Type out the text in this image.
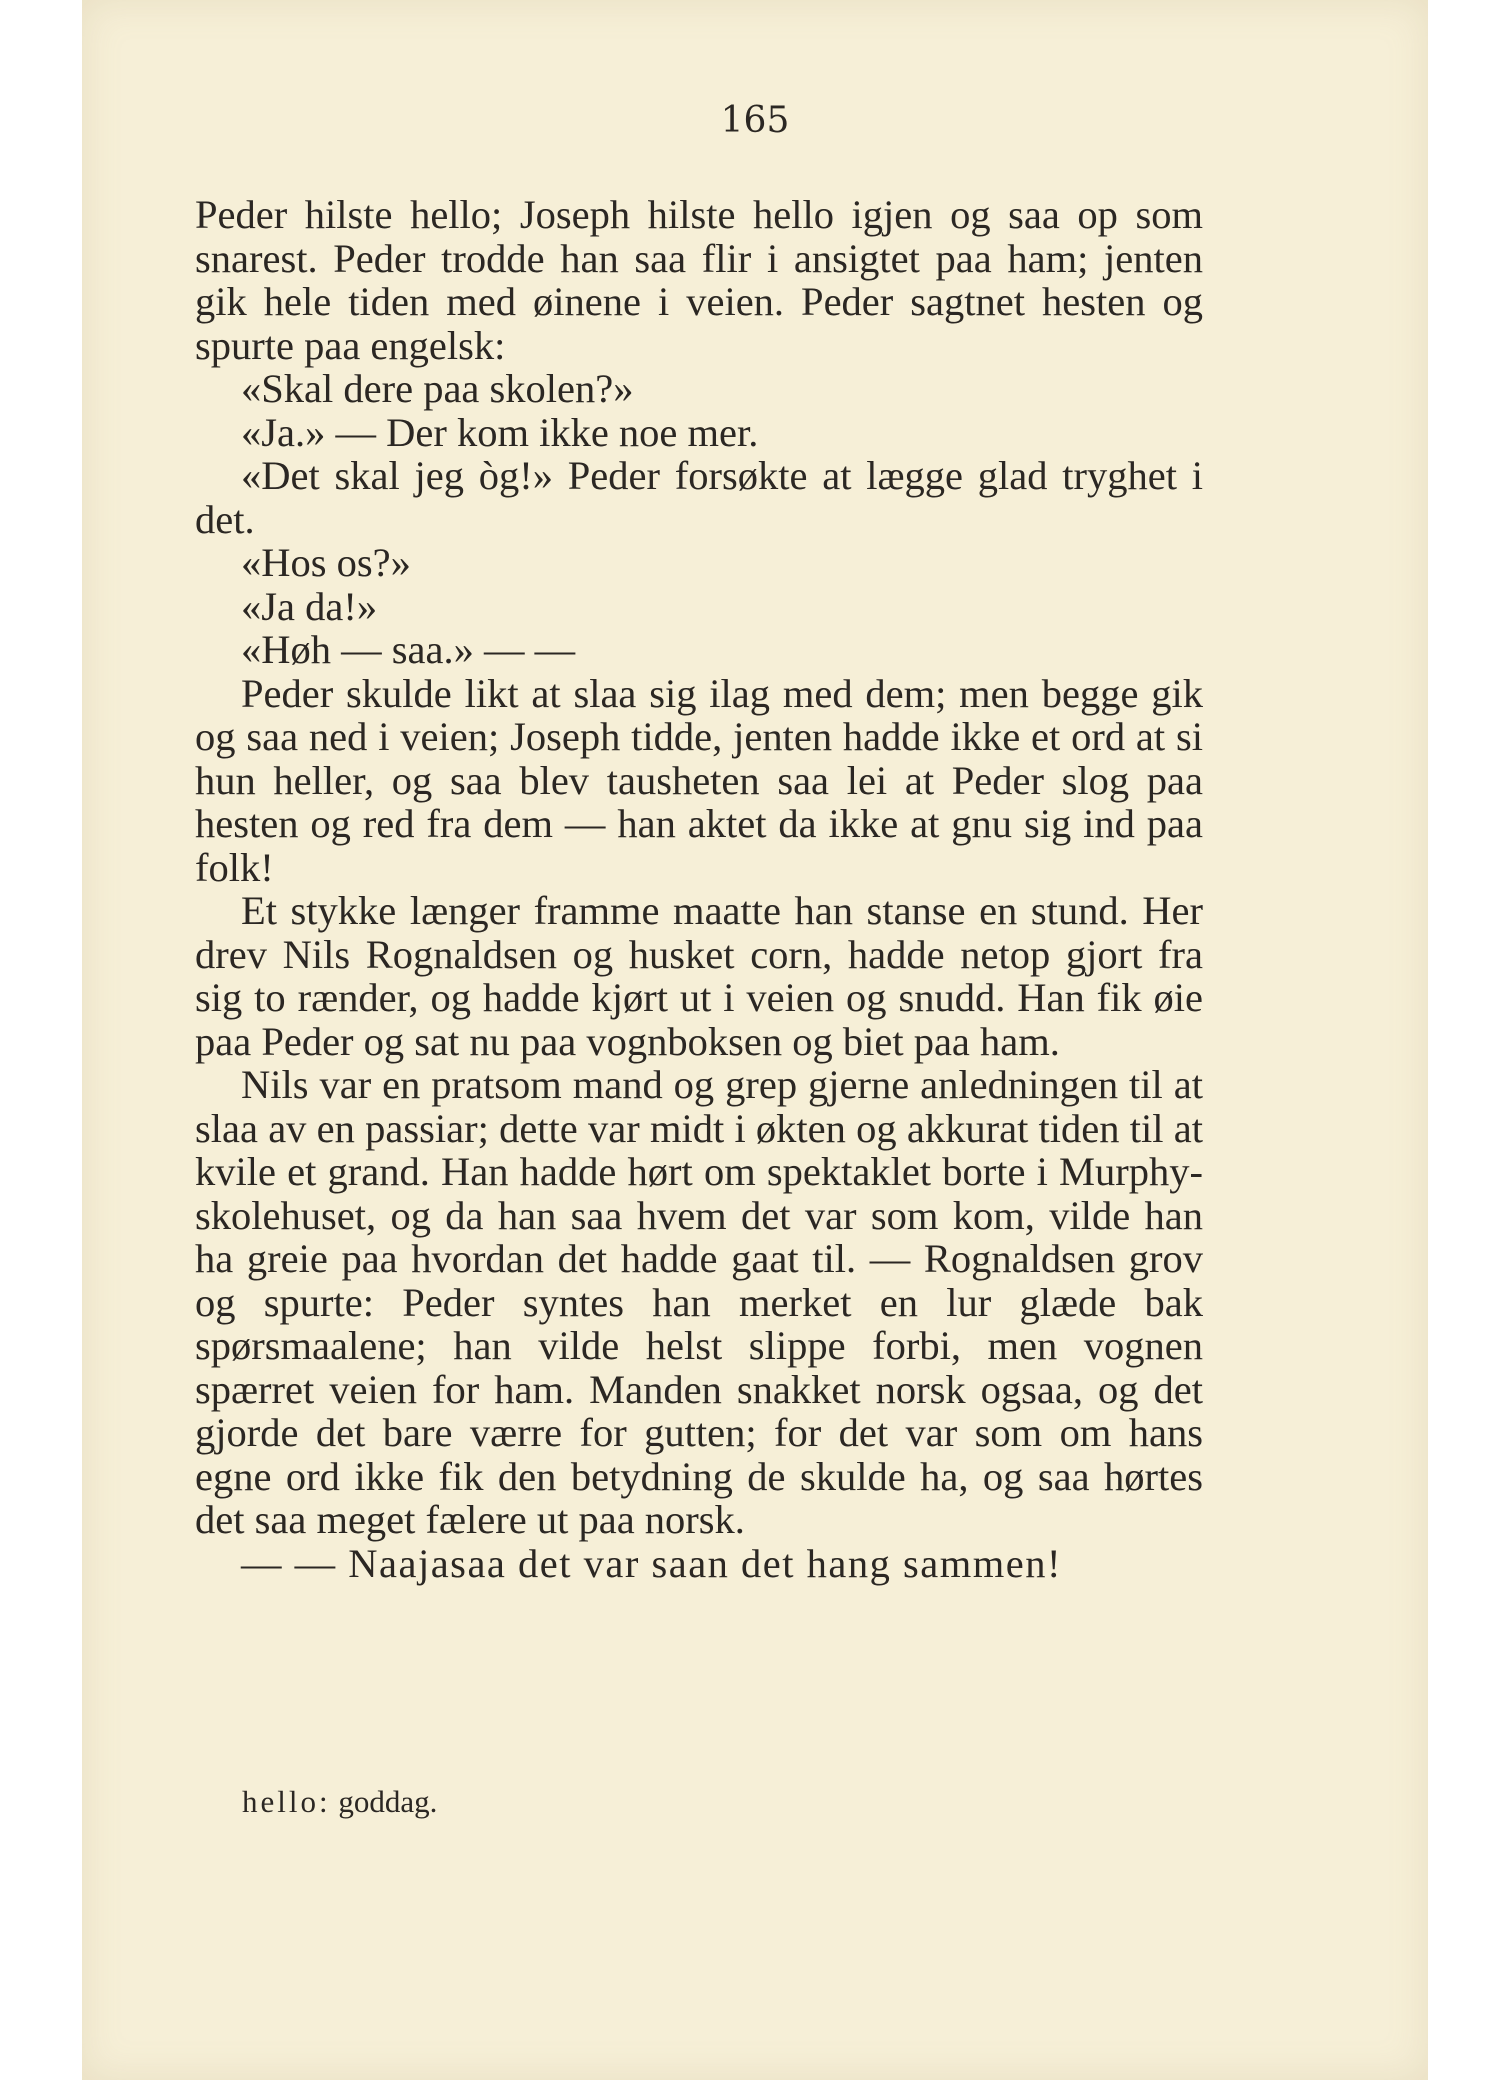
165

Peder hilste hello; Joseph hilste hello igjen og saa op som snarest. Peder trodde han saa flir i ansigtet paa ham; jenten gik hele tiden med øinene i veien. Peder sagtnet hesten og spurte paa engelsk:

«Skal dere paa skolen?»

«Ja.» — Der kom ikke noe mer.

«Det skal jeg òg!» Peder forsøkte at lægge glad tryghet i det.

«Hos os?»

«Ja da!»

«Høh — saa.» — —

Peder skulde likt at slaa sig ilag med dem; men begge gik og saa ned i veien; Joseph tidde, jenten hadde ikke et ord at si hun heller, og saa blev tausheten saa lei at Peder slog paa hesten og red fra dem — han aktet da ikke at gnu sig ind paa folk!

Et stykke længer framme maatte han stanse en stund. Her drev Nils Rognaldsen og husket corn, hadde netop gjort fra sig to rænder, og hadde kjørt ut i veien og snudd. Han fik øie paa Peder og sat nu paa vognboksen og biet paa ham.

Nils var en pratsom mand og grep gjerne anledningen til at slaa av en passiar; dette var midt i økten og akkurat tiden til at kvile et grand. Han hadde hørt om spektaklet borte i Murphy-skolehuset, og da han saa hvem det var som kom, vilde han ha greie paa hvordan det hadde gaat til. — Rognaldsen grov og spurte: Peder syntes han merket en lur glæde bak spørsmaalene; han vilde helst slippe forbi, men vognen spærret veien for ham. Manden snakket norsk ogsaa, og det gjorde det bare værre for gutten; for det var som om hans egne ord ikke fik den betydning de skulde ha, og saa hørtes det saa meget fælere ut paa norsk.

— — Naajasaa det var saan det hang sammen!

hello: goddag.
